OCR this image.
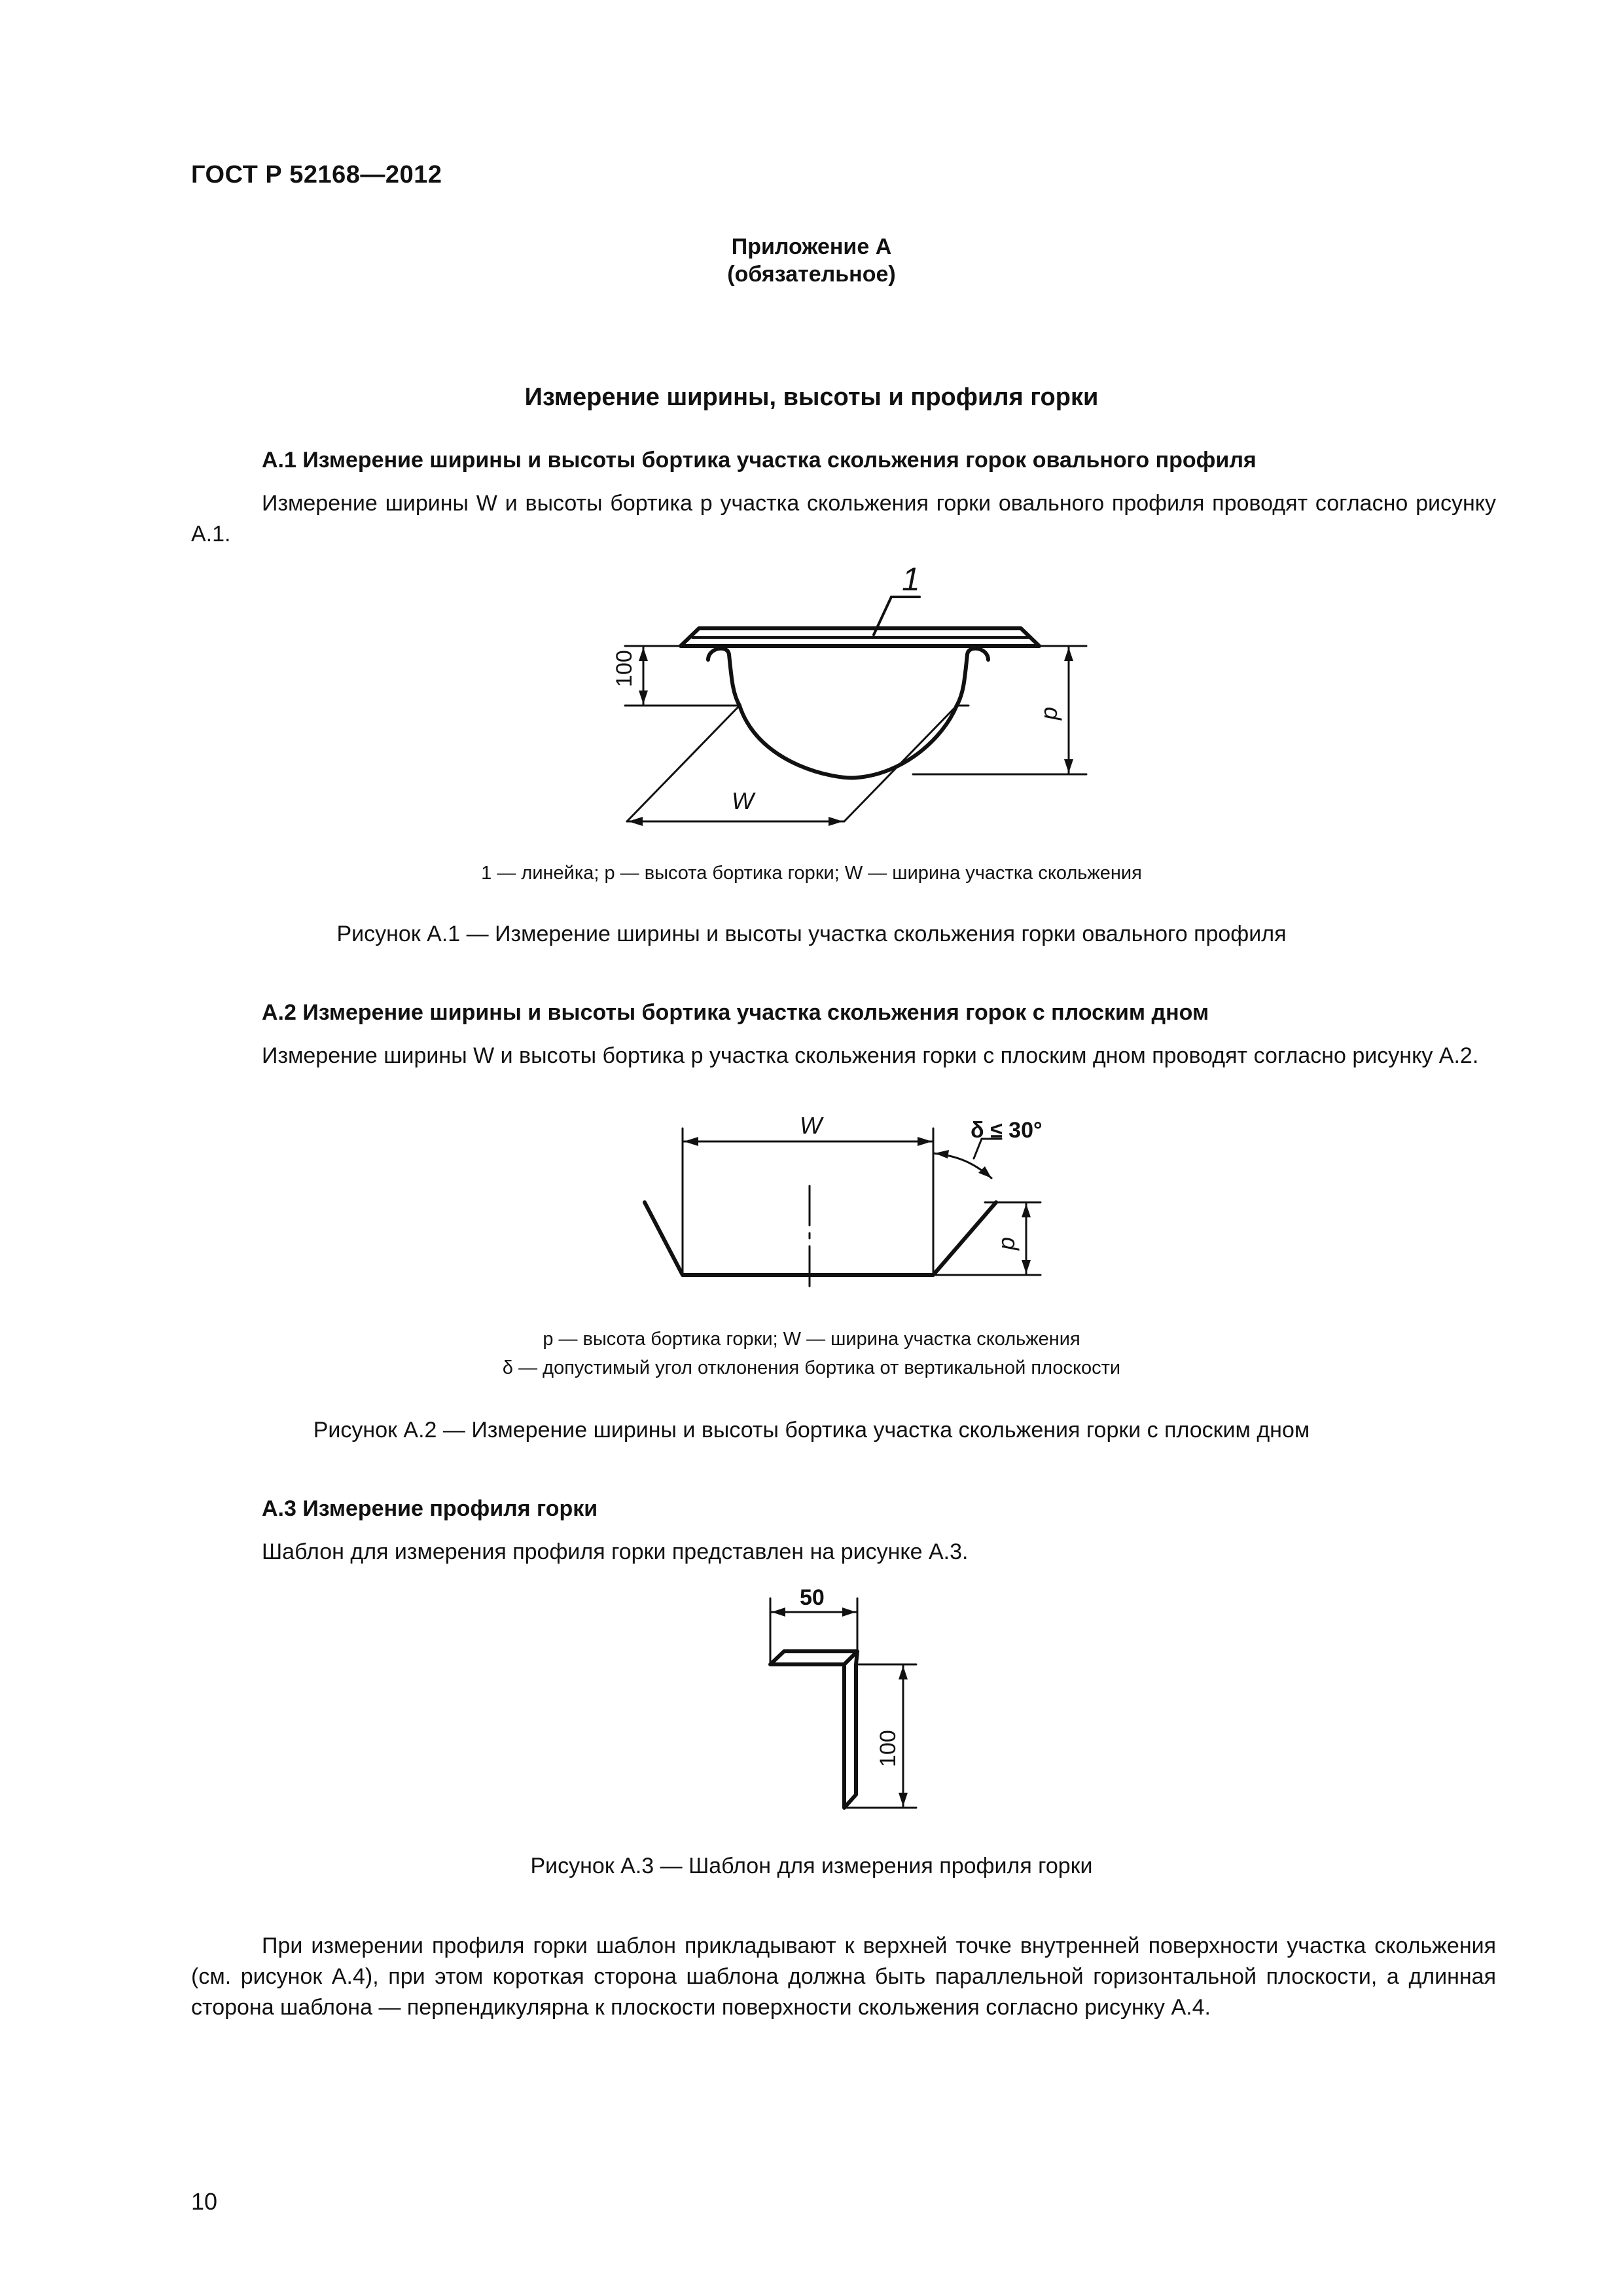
ГОСТ Р 52168—2012
Приложение А
(обязательное)
Измерение ширины, высоты и профиля горки
А.1 Измерение ширины и высоты бортика участка скольжения горок овального профиля
Измерение ширины W и высоты бортика p участка скольжения горки овального профиля проводят согласно рисунку А.1.
1
100
p
W
1 — линейка; p — высота бортика горки; W — ширина участка скольжения
Рисунок А.1 — Измерение ширины и высоты участка скольжения горки овального профиля
А.2 Измерение ширины и высоты бортика участка скольжения горок с плоским дном
Измерение ширины W и высоты бортика p участка скольжения горки с плоским дном проводят согласно рисунку А.2.
W	δ ≤ 30°
p
p — высота бортика горки; W — ширина участка скольжения
δ — допустимый угол отклонения бортика от вертикальной плоскости
Рисунок А.2 — Измерение ширины и высоты бортика участка скольжения горки с плоским дном
А.3 Измерение профиля горки
Шаблон для измерения профиля горки представлен на рисунке А.3.
50
100
Рисунок А.3 — Шаблон для измерения профиля горки
При измерении профиля горки шаблон прикладывают к верхней точке внутренней поверхности участка скольжения (см. рисунок А.4), при этом короткая сторона шаблона должна быть параллельной горизонтальной плоскости, а длинная сторона шаблона — перпендикулярна к плоскости поверхности скольжения согласно рисунку А.4.
10
